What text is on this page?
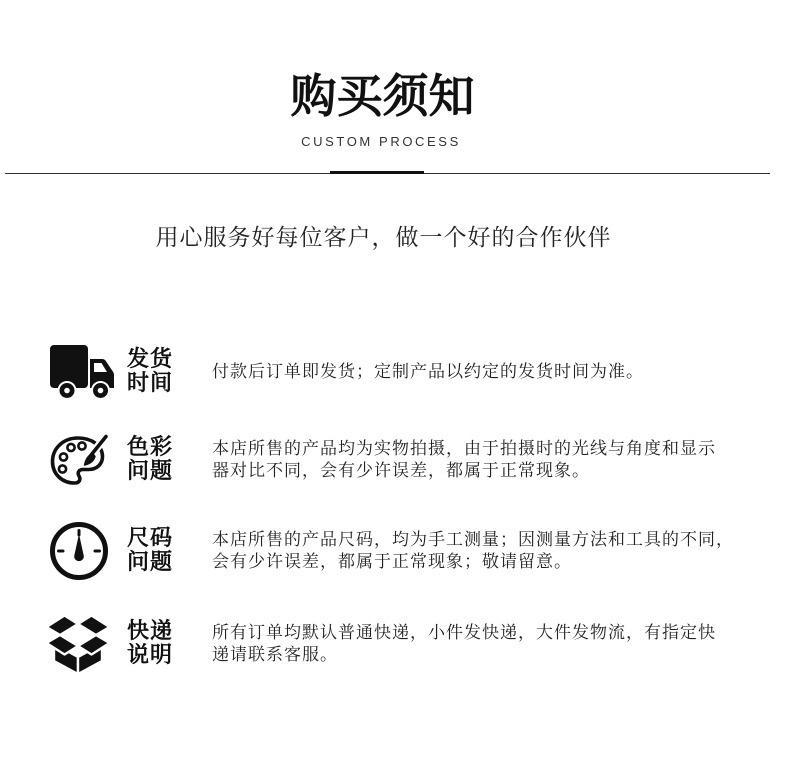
购买须知
CUSTOM PROCESS
用心服务好每位客户，做一个好的合作伙伴
发货
时间	付款后订单即发货；定制产品以约定的发货时间为准。
色彩
问题
本店所售的产品均为实物拍摄，由于拍摄时的光线与角度和显示
器对比不同，会有少许误差，都属于正常现象。
尺码
问题
本店所售的产品尺码，均为手工测量；因测量方法和工具的不同，
会有少许误差，都属于正常现象；敬请留意。
快递
说明
所有订单均默认普通快递，小件发快递，大件发物流，有指定快
递请联系客服。
